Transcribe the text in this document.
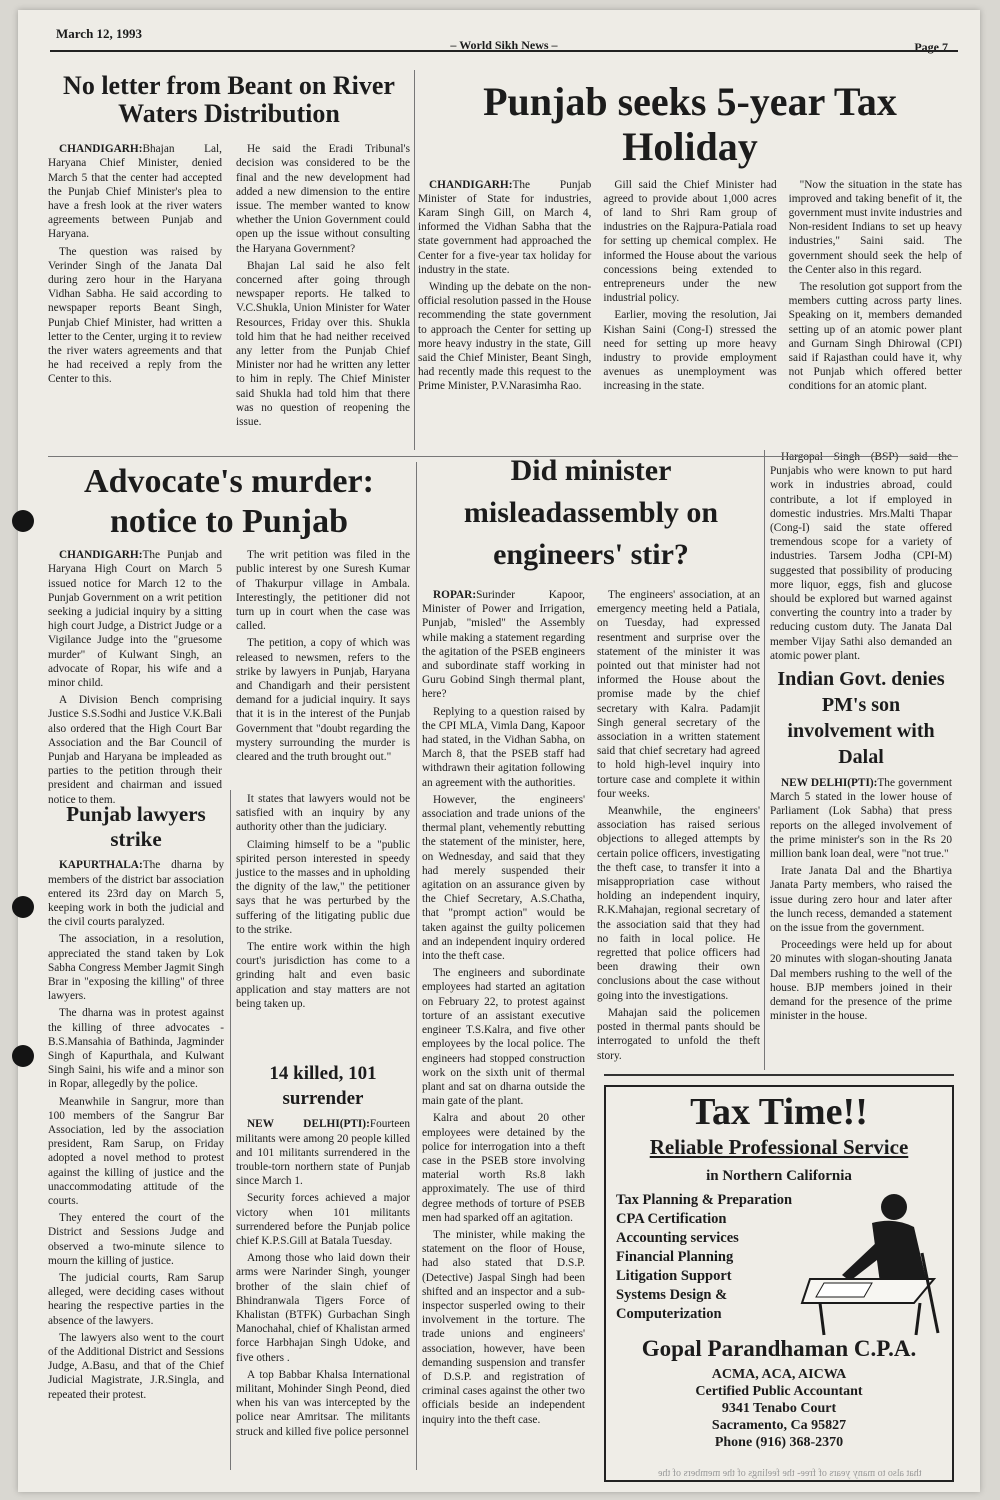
March 12, 1993
– World Sikh News –	Page 7
No letter from Beant on River Waters Distribution

CHANDIGARH:Bhajan Lal, Haryana Chief Minister, denied March 5 that the center had accepted the Punjab Chief Minister's plea to have a fresh look at the river waters agreements between Punjab and Haryana.

The question was raised by Verinder Singh of the Janata Dal during zero hour in the Haryana Vidhan Sabha. He said according to newspaper reports Beant Singh, Punjab Chief Minister, had written a letter to the Center, urging it to review the river waters agreements and that he had received a reply from the Center to this.

He said the Eradi Tribunal's decision was considered to be the final and the new development had added a new dimension to the entire issue. The member wanted to know whether the Union Government could open up the issue without consulting the Haryana Government?

Bhajan Lal said he also felt concerned after going through newspaper reports. He talked to V.C.Shukla, Union Minister for Water Resources, Friday over this. Shukla told him that he had neither received any letter from the Punjab Chief Minister nor had he written any letter to him in reply. The Chief Minister said Shukla had told him that there was no question of reopening the issue.

Punjab seeks 5-year Tax Holiday

CHANDIGARH:The Punjab Minister of State for industries, Karam Singh Gill, on March 4, informed the Vidhan Sabha that the state government had approached the Center for a five-year tax holiday for industry in the state.

Winding up the debate on the non-official resolution passed in the House recommending the state government to approach the Center for setting up more heavy industry in the state, Gill said the Chief Minister, Beant Singh, had recently made this request to the Prime Minister, P.V.Narasimha Rao.

Gill said the Chief Minister had agreed to provide about 1,000 acres of land to Shri Ram group of industries on the Rajpura-Patiala road for setting up chemical complex. He informed the House about the various concessions being extended to entrepreneurs under the new industrial policy.

Earlier, moving the resolution, Jai Kishan Saini (Cong-I) stressed the need for setting up more heavy industry to provide employment avenues as unemployment was increasing in the state.

"Now the situation in the state has improved and taking benefit of it, the government must invite industries and Non-resident Indians to set up heavy industries," Saini said. The government should seek the help of the Center also in this regard.

The resolution got support from the members cutting across party lines. Speaking on it, members demanded setting up of an atomic power plant and Gurnam Singh Dhirowal (CPI) said if Rajasthan could have it, why not Punjab which offered better conditions for an atomic plant.

Hargopal Singh (BSP) said the Punjabis who were known to put hard work in industries abroad, could contribute, a lot if employed in domestic industries. Mrs.Malti Thapar (Cong-I) said the state offered tremendous scope for a variety of industries. Tarsem Jodha (CPI-M) suggested that possibility of producing more liquor, eggs, fish and glucose should be explored but warned against converting the country into a trader by reducing custom duty. The Janata Dal member Vijay Sathi also demanded an atomic power plant.

Advocate's murder: notice to Punjab

CHANDIGARH:The Punjab and Haryana High Court on March 5 issued notice for March 12 to the Punjab Government on a writ petition seeking a judicial inquiry by a sitting high court Judge, a District Judge or a Vigilance Judge into the "gruesome murder" of Kulwant Singh, an advocate of Ropar, his wife and a minor child.

A Division Bench comprising Justice S.S.Sodhi and Justice V.K.Bali also ordered that the High Court Bar Association and the Bar Council of Punjab and Haryana be impleaded as parties to the petition through their president and chairman and issued notice to them.

The writ petition was filed in the public interest by one Suresh Kumar of Thakurpur village in Ambala. Interestingly, the petitioner did not turn up in court when the case was called.

The petition, a copy of which was released to newsmen, refers to the strike by lawyers in Punjab, Haryana and Chandigarh and their persistent demand for a judicial inquiry. It says that it is in the interest of the Punjab Government that "doubt regarding the mystery surrounding the murder is cleared and the truth brought out."

It states that lawyers would not be satisfied with an inquiry by any authority other than the judiciary.

Claiming himself to be a "public spirited person interested in speedy justice to the masses and in upholding the dignity of the law," the petitioner says that he was perturbed by the suffering of the litigating public due to the strike.

The entire work within the high court's jurisdiction has come to a grinding halt and even basic application and stay matters are not being taken up.

Punjab lawyers strike

KAPURTHALA:The dharna by members of the district bar association entered its 23rd day on March 5, keeping work in both the judicial and the civil courts paralyzed.

The association, in a resolution, appreciated the stand taken by Lok Sabha Congress Member Jagmit Singh Brar in "exposing the killing" of three lawyers.

The dharna was in protest against the killing of three advocates - B.S.Mansahia of Bathinda, Jagminder Singh of Kapurthala, and Kulwant Singh Saini, his wife and a minor son in Ropar, allegedly by the police.

Meanwhile in Sangrur, more than 100 members of the Sangrur Bar Association, led by the association president, Ram Sarup, on Friday adopted a novel method to protest against the killing of justice and the unaccommodating attitude of the courts.

They entered the court of the District and Sessions Judge and observed a two-minute silence to mourn the killing of justice.

The judicial courts, Ram Sarup alleged, were deciding cases without hearing the respective parties in the absence of the lawyers.

The lawyers also went to the court of the Additional District and Sessions Judge, A.Basu, and that of the Chief Judicial Magistrate, J.R.Singla, and repeated their protest.

14 killed, 101 surrender

NEW DELHI(PTI):Fourteen militants were among 20 people killed and 101 militants surrendered in the trouble-torn northern state of Punjab since March 1.

Security forces achieved a major victory when 101 militants surrendered before the Punjab police chief K.P.S.Gill at Batala Tuesday.

Among those who laid down their arms were Narinder Singh, younger brother of the slain chief of Bhindranwala Tigers Force of Khalistan (BTFK) Gurbachan Singh Manochahal, chief of Khalistan armed force Harbhajan Singh Udoke, and five others .

A top Babbar Khalsa International militant, Mohinder Singh Peond, died when his van was intercepted by the police near Amritsar. The militants struck and killed five police personnel

Did minister misleadassembly on engineers' stir?

ROPAR:Surinder Kapoor, Minister of Power and Irrigation, Punjab, "misled" the Assembly while making a statement regarding the agitation of the PSEB engineers and subordinate staff working in Guru Gobind Singh thermal plant, here?

Replying to a question raised by the CPI MLA, Vimla Dang, Kapoor had stated, in the Vidhan Sabha, on March 8, that the PSEB staff had withdrawn their agitation following an agreement with the authorities.

However, the engineers' association and trade unions of the thermal plant, vehemently rebutting the statement of the minister, here, on Wednesday, and said that they had merely suspended their agitation on an assurance given by the Chief Secretary, A.S.Chatha, that "prompt action" would be taken against the guilty policemen and an independent inquiry ordered into the theft case.

The engineers and subordinate employees had started an agitation on February 22, to protest against torture of an assistant executive engineer T.S.Kalra, and five other employees by the local police. The engineers had stopped construction work on the sixth unit of thermal plant and sat on dharna outside the main gate of the plant.

Kalra and about 20 other employees were detained by the police for interrogation into a theft case in the PSEB store involving material worth Rs.8 lakh approximately. The use of third degree methods of torture of PSEB men had sparked off an agitation.

The minister, while making the statement on the floor of House, had also stated that D.S.P. (Detective) Jaspal Singh had been shifted and an inspector and a sub-inspector susperled owing to their involvement in the torture. The trade unions and engineers' association, however, have been demanding suspension and transfer of D.S.P. and registration of criminal cases against the other two officials beside an independent inquiry into the theft case.

The engineers' association, at an emergency meeting held a Patiala, on Tuesday, had expressed resentment and surprise over the statement of the minister it was pointed out that minister had not informed the House about the promise made by the chief secretary with Kalra. Padamjit Singh general secretary of the association in a written statement said that chief secretary had agreed to hold high-level inquiry into torture case and complete it within four weeks.

Meanwhile, the engineers' association has raised serious objections to alleged attempts by certain police officers, investigating the theft case, to transfer it into a misappropriation case without holding an independent inquiry, R.K.Mahajan, regional secretary of the association said that they had no faith in local police. He regretted that police officers had been drawing their own conclusions about the case without going into the investigations.

Mahajan said the policemen posted in thermal pants should be interrogated to unfold the theft story.

Indian Govt. denies PM's son involvement with Dalal

NEW DELHI(PTI):The government March 5 stated in the lower house of Parliament (Lok Sabha) that press reports on the alleged involvement of the prime minister's son in the Rs 20 million bank loan deal, were "not true."

Irate Janata Dal and the Bhartiya Janata Party members, who raised the issue during zero hour and later after the lunch recess, demanded a statement on the issue from the government.

Proceedings were held up for about 20 minutes with slogan-shouting Janata Dal members rushing to the well of the house. BJP members joined in their demand for the presence of the prime minister in the house.

Tax Time!!
Reliable Professional Service
in Northern California
Tax Planning & Preparation
CPA Certification
Accounting services
Financial Planning
Litigation Support
Systems Design &
Computerization
Gopal Parandhaman C.P.A.
ACMA, ACA, AICWA
Certified Public Accountant
9341 Tenabo Court
Sacramento, Ca 95827
Phone (916) 368-2370
that also to many years of free- the feelings of the members of the
